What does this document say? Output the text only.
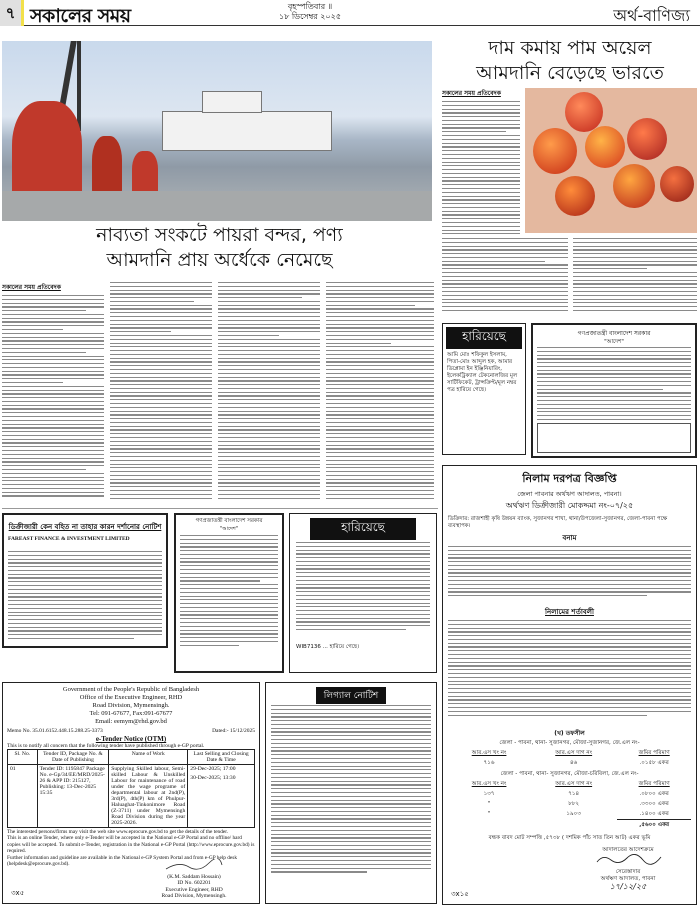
৭ সকালের সময়	বৃহস্পতিবার ॥
১৮ ডিসেম্বর ২০২৫	অর্থ-বাণিজ্য
নাব্যতা সংকটে পায়রা বন্দর, পণ্য
আমদানি প্রায় অর্ধেকে নেমেছে
সকালের সময় প্রতিবেদক
দাম কমায় পাম অয়েল
আমদানি বেড়েছে ভারতে
সকালের সময় প্রতিবেদক
হারিয়েছে
আমি মোঃ শফিকুল ইসলাম, পিতা-মোঃ আব্দুল হক, আমার ডিপ্লোমা ইন ইঞ্জিনিয়ারিং, ইলেকট্রিক্যাল টেকনোলজির মূল সার্টিফিকেট, ট্রান্সক্রিপ্ট/মূল নম্বর পত্র হারিয়ে গেছে।
গণপ্রজাতন্ত্রী বাংলাদেশ সরকার
"আদেশ"
ডিক্রীজারী কেন বহিত না তাহার কারন দর্শানোর নোটিশ
FAREAST FINANCE & INVESTMENT LIMITED
গণপ্রজাতন্ত্রী বাংলাদেশ সরকার
"আদেশ"	হারিয়েছে
WIB7136 ... হারিয়ে গেছে।
লিগ্যাল নোটিশ
Government of the People's Republic of Bangladesh
Office of the Executive Engineer, RHD
Road Division, Mymensingh.
Tel: 091-67677, Fax:091-67677
Email: eemym@rhd.gov.bd
Memo No. 35.01.6152.448.15.288.25-3373	Dated:- 15/12/2025
e-Tender Notice (OTM)
This is to notify all concern that the following tender have published through e-GP portal.
Sl. No.	Tender ID, Package No. & Date of Publishing	Name of Work	Last Selling and Closing Date & Time
01	Tender ID: 1195847 Package No. e-Gp/34/EE/MRD/2025-26 & APP ID: 215127, Publishing: 13-Dec-2025 15:35	Supplying Skilled labour, Semi-skilled Labour & Unskilled Labour for maintenance of road under the wage programe of departmental labour at 2nd(P), 3rd(P), 4th(P) km of Phulpur-Haluaghat-Tinkonimore Road (Z-3711) under Mymensingh Road Division during the year 2025-2026.	29-Dec-2025; 17:00
30-Dec-2025; 13:30
The interested persons/firms may visit the web site www.eprocure.gov.bd to get the details of the tender.
This is an online Tender, where only e-Tender will be accepted in the National e-GP Portal and no offline/ hard copies will be accepted. To submit e-Tender, registration in the National e-GP Portal (http://www.eprocure.gov.bd) is required.
Further information and guideline are available in the National e-GP System Portal and from e-GP help desk (helpdesk@eprocure.gov.bd).
(K.M. Saddam Hossain)
ID No. 602201
Executive Engineer, RHD
Road Division, Mymensingh.
৩x৫
নিলাম দরপত্র বিজ্ঞপ্তি
জেলা পাবনার অর্থঋণ আদালত, পাবনা।
অর্থঋণ ডিক্রীজারী মোকদ্দমা নং-০৭/২৫
ডিক্রিদার: রাজশাহী কৃষি উন্নয়ন ব্যাংক, সুজানগর শাখা, থানা/উপজেলা-সুজানগর, জেলা-পাবনা পক্ষে ব্যবস্থাপক।
বনাম
নিলামের শর্তাবলী
(খ) তফসীল
জেলা - পাবনা, থানা- সুজানগর, মৌজা-সুজানগর, জে.এল নং-
আর.এস খং নং	আর.এস দাগ নং	জমির পরিমাণ
৭১৬	৪৬	.০১৫৮ একর
জেলা - পাবনা, থানা- সুজানগর, মৌজা-চরিবিলা, জে.এল নং-
আর.এস খং নং	আর.এস দাগ নং	জমির পরিমাণ
১৩৭	৭১৪	.০৮০০ একর
"	৮৮২	.৩৩০০ একর
"	১৯০৩	.১৪০০ একর
		,৫৬০০ একর
বন্ধক বাবদ মোট সম্পত্তি ,৫৭৩৮ ( দশমিক পাঁচ সাত তিন আট) একর ভূমি
আদালতের আদেশক্রমে
সেরেস্তাদার
অর্থঋণ আদালত, পাবনা
১৭/১২/২৫
৩x১৫
